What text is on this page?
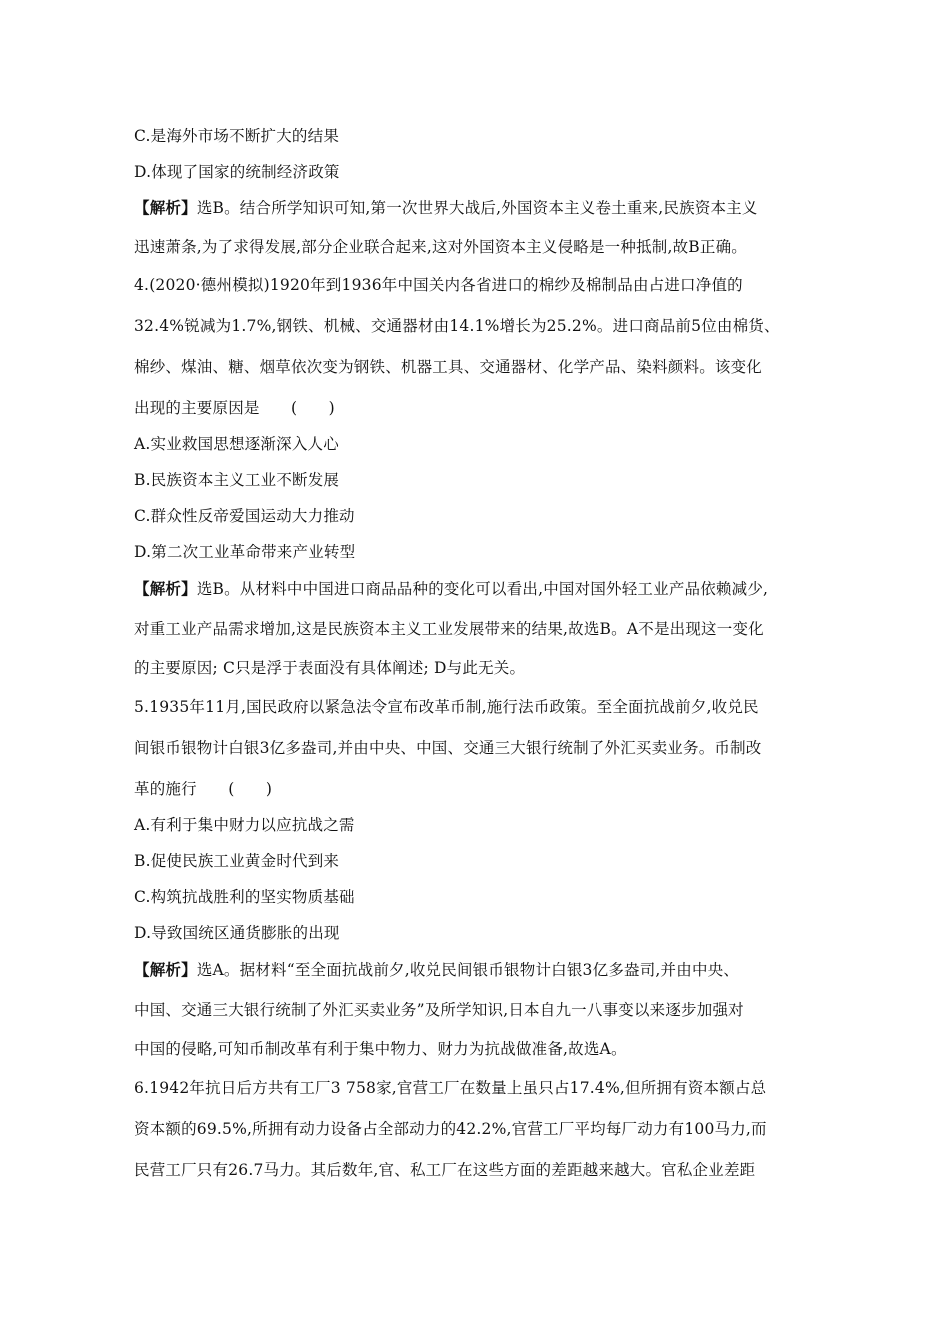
C.是海外市场不断扩大的结果
D.体现了国家的统制经济政策
【解析】选B。结合所学知识可知,第一次世界大战后,外国资本主义卷土重来,民族资本主义
迅速萧条,为了求得发展,部分企业联合起来,这对外国资本主义侵略是一种抵制,故B正确。
4.(2020·德州模拟)1920年到1936年中国关内各省进口的棉纱及棉制品由占进口净值的
32.4%锐减为1.7%,钢铁、机械、交通器材由14.1%增长为25.2%。进口商品前5位由棉货、
棉纱、煤油、糖、烟草依次变为钢铁、机器工具、交通器材、化学产品、染料颜料。该变化
出现的主要原因是　　(　　)
A.实业救国思想逐渐深入人心
B.民族资本主义工业不断发展
C.群众性反帝爱国运动大力推动
D.第二次工业革命带来产业转型
【解析】选B。从材料中中国进口商品品种的变化可以看出,中国对国外轻工业产品依赖减少,
对重工业产品需求增加,这是民族资本主义工业发展带来的结果,故选B。A不是出现这一变化
的主要原因; C只是浮于表面没有具体阐述; D与此无关。
5.1935年11月,国民政府以紧急法令宣布改革币制,施行法币政策。至全面抗战前夕,收兑民
间银币银物计白银3亿多盎司,并由中央、中国、交通三大银行统制了外汇买卖业务。币制改
革的施行　　(　　)
A.有利于集中财力以应抗战之需
B.促使民族工业黄金时代到来
C.构筑抗战胜利的坚实物质基础
D.导致国统区通货膨胀的出现
【解析】选A。据材料“至全面抗战前夕,收兑民间银币银物计白银3亿多盎司,并由中央、
中国、交通三大银行统制了外汇买卖业务”及所学知识,日本自九一八事变以来逐步加强对
中国的侵略,可知币制改革有利于集中物力、财力为抗战做准备,故选A。
6.1942年抗日后方共有工厂3 758家,官营工厂在数量上虽只占17.4%,但所拥有资本额占总
资本额的69.5%,所拥有动力设备占全部动力的42.2%,官营工厂平均每厂动力有100马力,而
民营工厂只有26.7马力。其后数年,官、私工厂在这些方面的差距越来越大。官私企业差距
